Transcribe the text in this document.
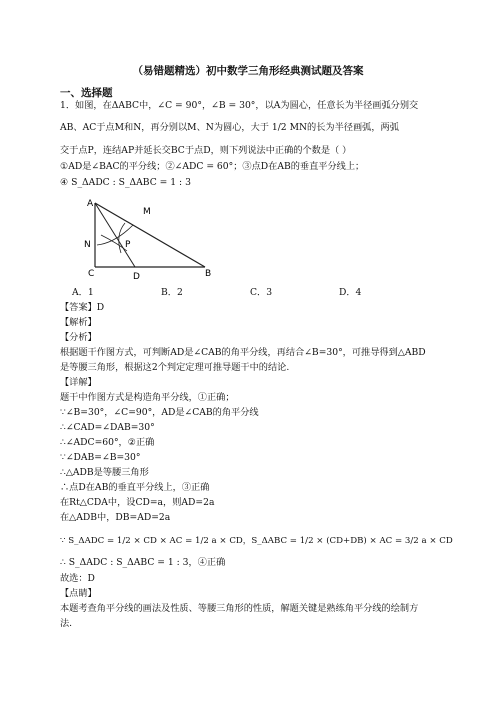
（易错题精选）初中数学三角形经典测试题及答案
一、选择题
1．如图，在ΔABC中，∠C = 90°，∠B = 30°，以A为圆心，任意长为半径画弧分别交
AB、AC于点M和N，再分别以M、N为圆心，大于 1/2 MN的长为半径画弧，两弧
交于点P，连结AP并延长交BC于点D，则下列说法中正确的个数是（ ）
①AD是∠BAC的平分线；②∠ADC = 60°；③点D在AB的垂直平分线上；
④ S_ΔADC : S_ΔABC = 1 : 3
A
M
N	P
C	D	B
A．1	B．2	C．3	D．4
【答案】D
【解析】
【分析】
根据题干作图方式，可判断AD是∠CAB的角平分线，再结合∠B=30°，可推导得到△ABD
是等腰三角形，根据这2个判定定理可推导题干中的结论.
【详解】
题干中作图方式是构造角平分线，①正确；
∵∠B=30°，∠C=90°，AD是∠CAB的角平分线
∴∠CAD=∠DAB=30°
∴∠ADC=60°，②正确
∵∠DAB=∠B=30°
∴△ADB是等腰三角形
∴点D在AB的垂直平分线上，③正确
在Rt△CDA中，设CD=a，则AD=2a
在△ADB中，DB=AD=2a
∵ S_ΔADC = 1/2 × CD × AC = 1/2 a × CD，S_ΔABC = 1/2 × (CD+DB) × AC = 3/2 a × CD
∴ S_ΔADC : S_ΔABC = 1 : 3，④正确
故选：D
【点睛】
本题考查角平分线的画法及性质、等腰三角形的性质，解题关键是熟练角平分线的绘制方
法.
